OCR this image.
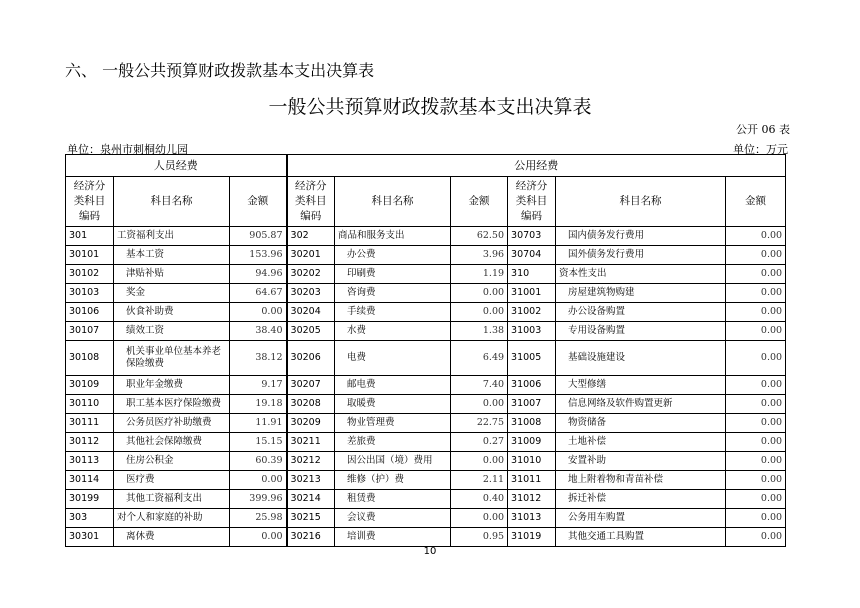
六、 一般公共预算财政拨款基本支出决算表
一般公共预算财政拨款基本支出决算表
公开 06 表
单位：泉州市刺桐幼儿园	单位：万元
人员经费			公用经费					
经济分类科目编码	科目名称	金额	经济分类科目编码	科目名称	金额	经济分类科目编码	科目名称	金额
301	工资福利支出	905.87	302	商品和服务支出	62.50	30703	国内债务发行费用	0.00
30101	基本工资	153.96	30201	办公费	3.96	30704	国外债务发行费用	0.00
30102	津贴补贴	94.96	30202	印刷费	1.19	310	资本性支出	0.00
30103	奖金	64.67	30203	咨询费	0.00	31001	房屋建筑物购建	0.00
30106	伙食补助费	0.00	30204	手续费	0.00	31002	办公设备购置	0.00
30107	绩效工资	38.40	30205	水费	1.38	31003	专用设备购置	0.00
30108	机关事业单位基本养老保险缴费	38.12	30206	电费	6.49	31005	基础设施建设	0.00
30109	职业年金缴费	9.17	30207	邮电费	7.40	31006	大型修缮	0.00
30110	职工基本医疗保险缴费	19.18	30208	取暖费	0.00	31007	信息网络及软件购置更新	0.00
30111	公务员医疗补助缴费	11.91	30209	物业管理费	22.75	31008	物资储备	0.00
30112	其他社会保障缴费	15.15	30211	差旅费	0.27	31009	土地补偿	0.00
30113	住房公积金	60.39	30212	因公出国（境）费用	0.00	31010	安置补助	0.00
30114	医疗费	0.00	30213	维修（护）费	2.11	31011	地上附着物和青苗补偿	0.00
30199	其他工资福利支出	399.96	30214	租赁费	0.40	31012	拆迁补偿	0.00
303	对个人和家庭的补助	25.98	30215	会议费	0.00	31013	公务用车购置	0.00
30301	离休费	0.00	30216	培训费	0.95	31019	其他交通工具购置	0.00
10
